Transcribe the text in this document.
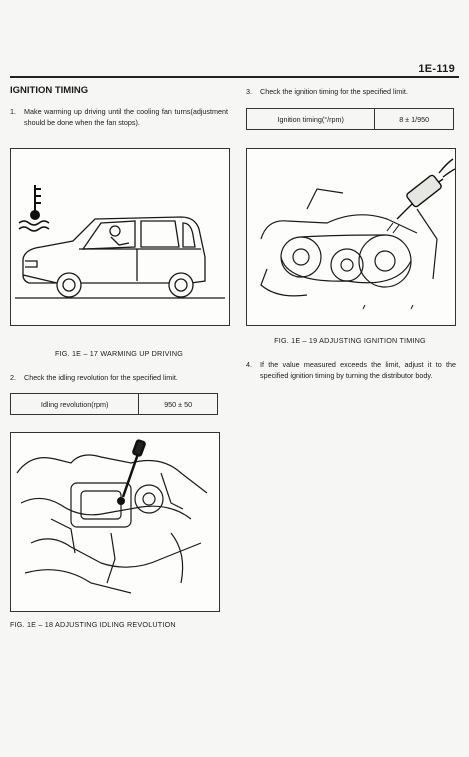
1E-119
IGNITION TIMING
1.	Make warming up driving until the cooling fan turns(adjustment should be done when the fan stops).
FIG. 1E – 17 WARMING UP DRIVING
2.	Check the idling revolution for the specified limit.
Idling revolution(rpm)	950 ± 50
FIG. 1E – 18 ADJUSTING IDLING REVOLUTION
3.	Check the ignition timing for the specified limit.
Ignition timing(°/rpm)	8 ± 1/950
FIG. 1E – 19 ADJUSTING IGNITION TIMING
4.	If the value measured exceeds the limit, adjust it to the specified ignition timing by turning the distributor body.
